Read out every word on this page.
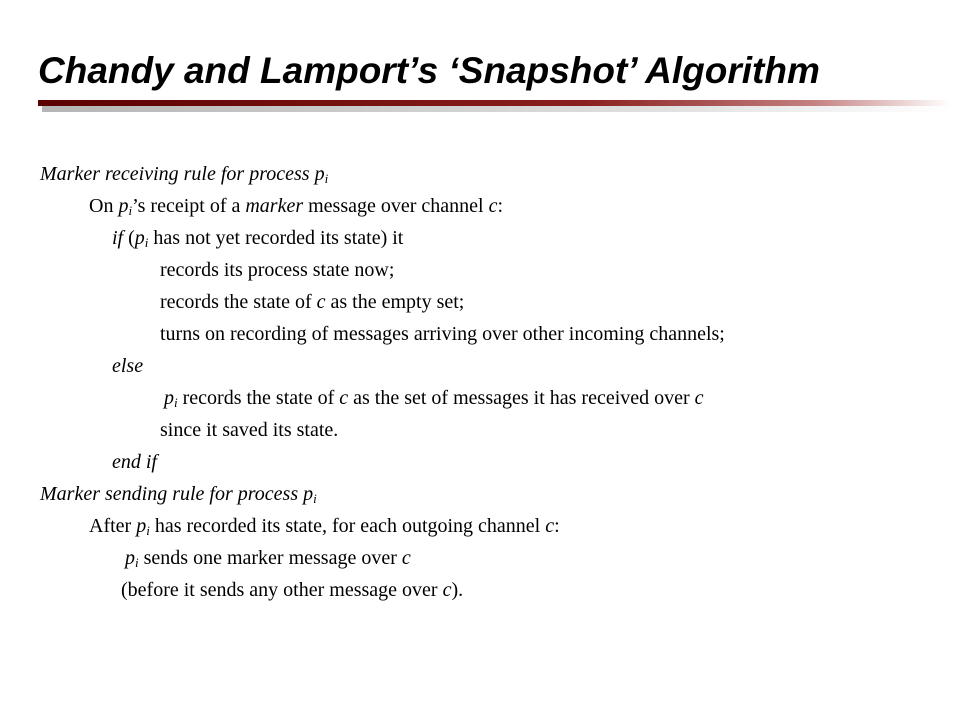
Chandy and Lamport’s ‘Snapshot’ Algorithm
Marker receiving rule for process $p_i$
On $p_i’s$ receipt of a marker message over channel c:
if ($p_i$ has not yet recorded its state) it
records its process state now;
records the state of c as the empty set;
turns on recording of messages arriving over other incoming channels;
else
$p_i$ records the state of c as the set of messages it has received over c
since it saved its state.
end if
Marker sending rule for process $p_i$
After $p_i$ has recorded its state, for each outgoing channel c:
$p_i$ sends one marker message over c
(before it sends any other message over c).
